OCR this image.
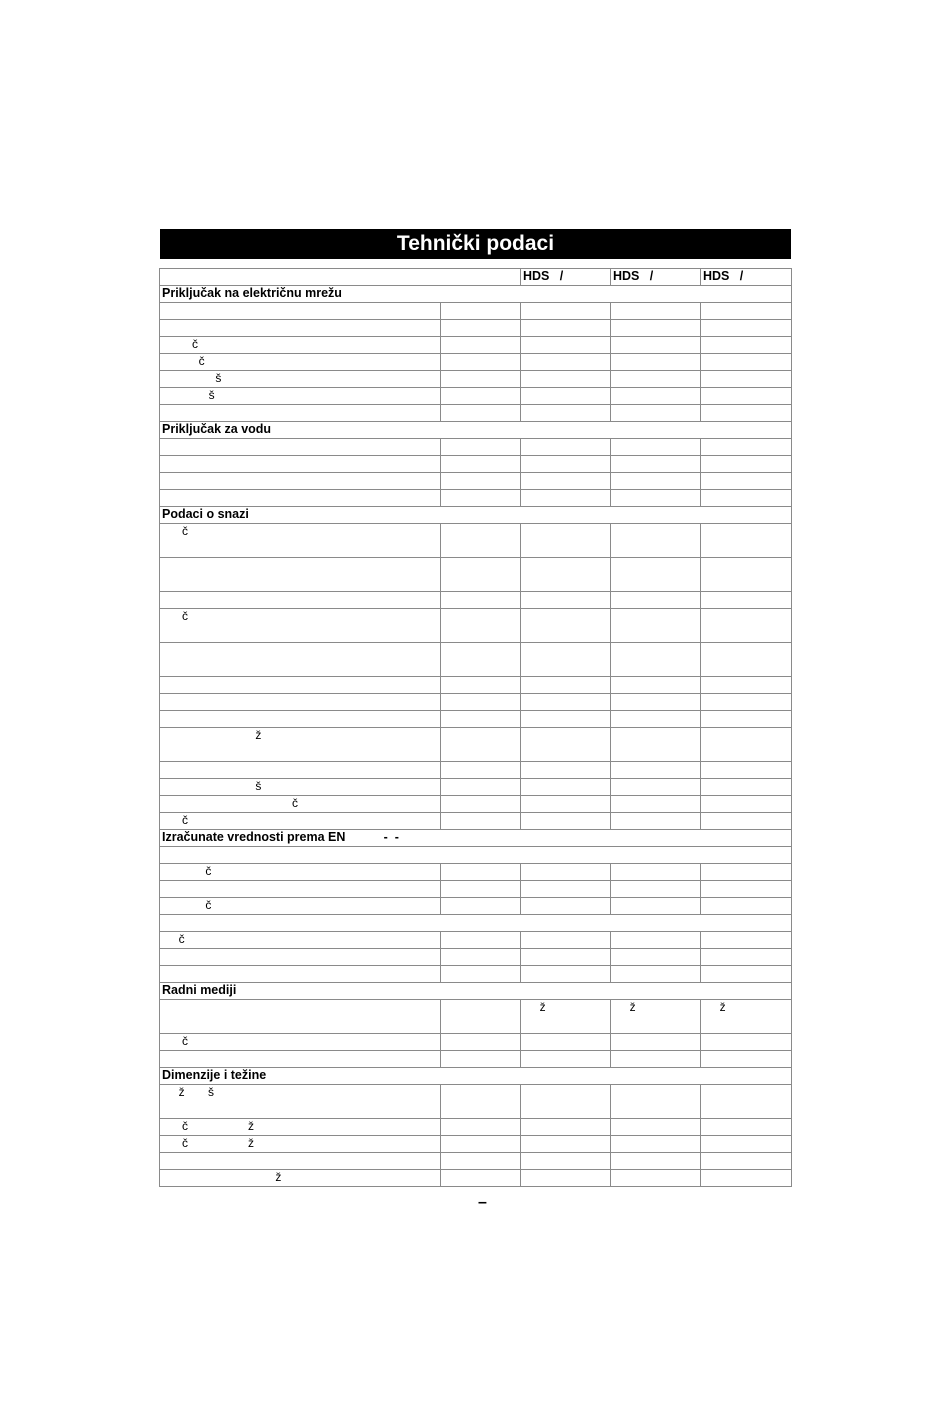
Tehnički podaci
		HDS   /	HDS   /	HDS   /
Priključak na električnu mrežu				

č				
č				
š				
š				

Priključak za vodu				

Podaci o snazi				
č				

č				

ž				

š				
č				
č				
Izračunate vrednosti prema EN           -  -				

č				

č				

č				

Radni mediji				
		ž	ž	ž
č				

Dimenzije i težine				
ž       š				
č                  ž				
č                  ž				

ž				
–
